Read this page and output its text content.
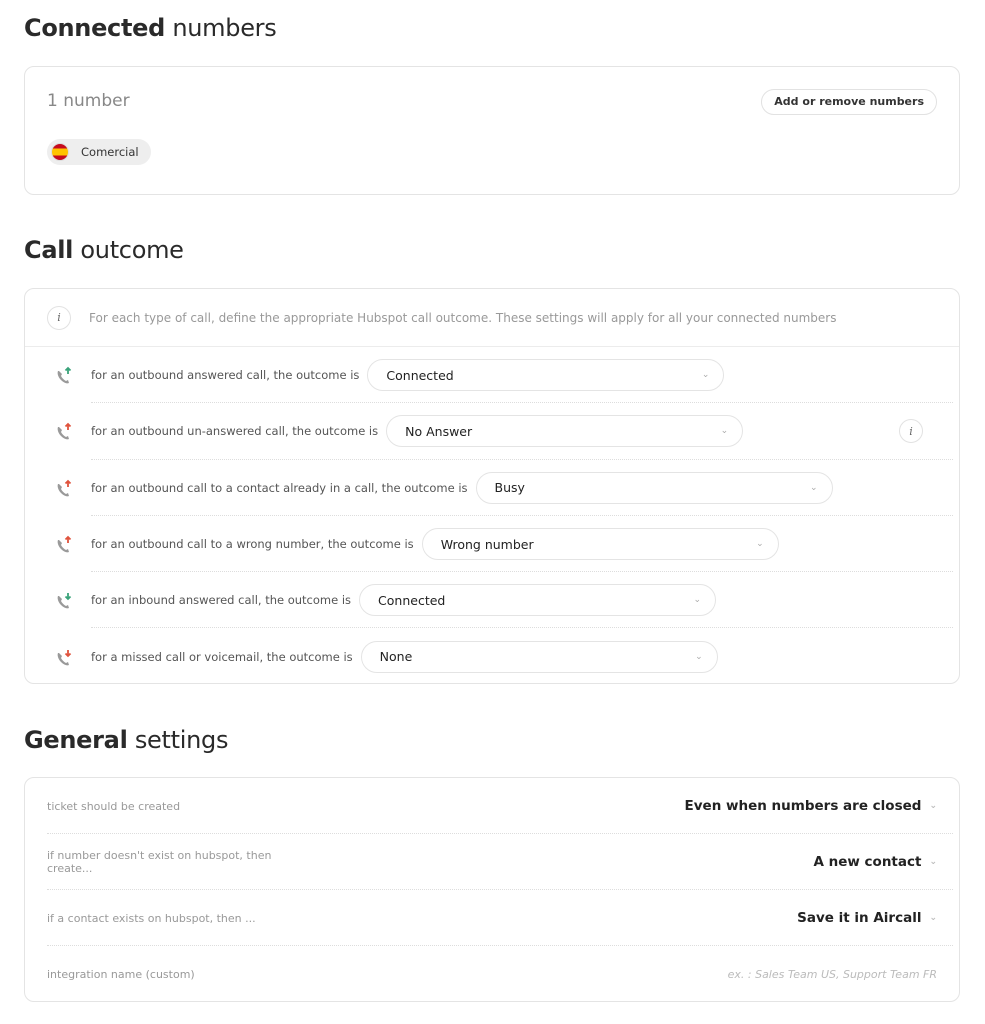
Connected numbers
1 number	Add or remove numbers
Comercial
Call outcome
i	For each type of call, define the appropriate Hubspot call outcome. These settings will apply for all your connected numbers
for an outbound answered call, the outcome is Connected	⌄
for an outbound un-answered call, the outcome is No Answer	⌄
for an outbound call to a contact already in a call, the outcome is Busy	⌄
for an outbound call to a wrong number, the outcome is Wrong number	⌄
for an inbound answered call, the outcome is Connected	⌄
for a missed call or voicemail, the outcome is None	⌄
i
General settings
ticket should be created	Even when numbers are closed ⌄
if number doesn't exist on hubspot, then create...	A new contact ⌄
if a contact exists on hubspot, then ...	Save it in Aircall ⌄
integration name (custom)	ex. : Sales Team US, Support Team FR
